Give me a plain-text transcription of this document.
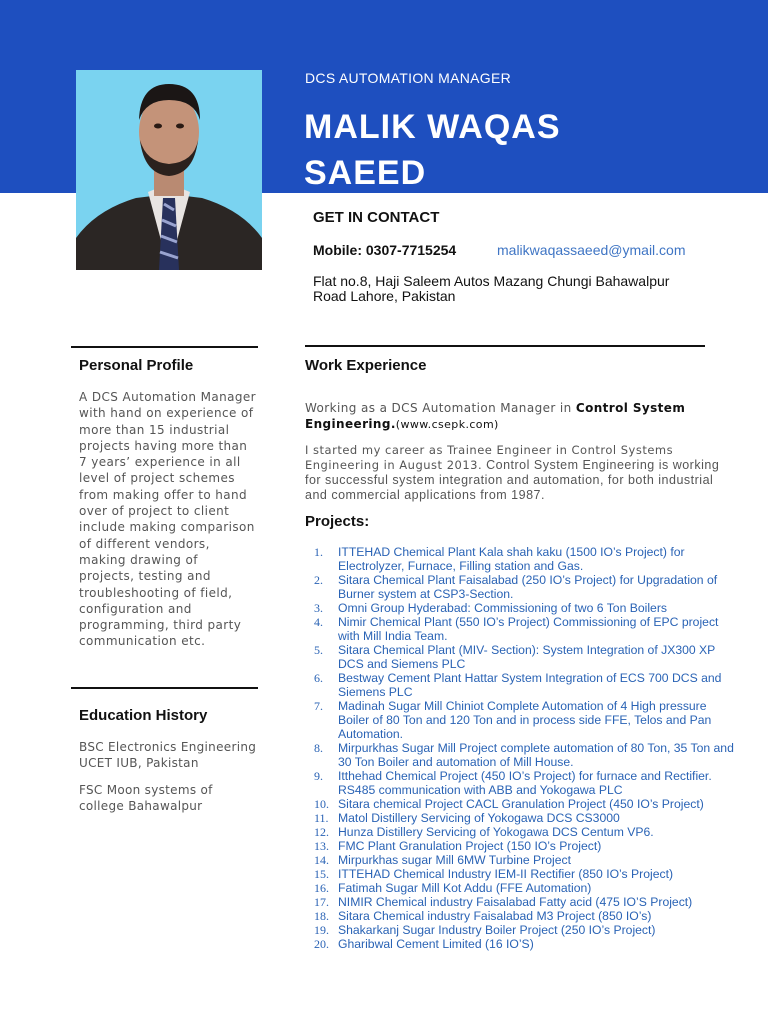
DCS AUTOMATION MANAGER
MALIK WAQAS
SAEED
GET IN CONTACT
Mobile: 0307-7715254	malikwaqassaeed@ymail.com
Flat no.8, Haji Saleem Autos Mazang Chungi Bahawalpur Road Lahore, Pakistan
Personal Profile
A DCS Automation Manager with hand on experience of more than 15 industrial projects having more than 7 years’ experience in all level of project schemes from making offer to hand over of project to client include making comparison of different vendors, making drawing of projects, testing and troubleshooting of field, configuration and programming, third party communication etc.
Education History
BSC Electronics Engineering
UCET IUB, Pakistan
FSC Moon systems of
college Bahawalpur
Work Experience
Working as a DCS Automation Manager in Control System Engineering.(www.csepk.com)
I started my career as Trainee Engineer in Control Systems Engineering in August 2013. Control System Engineering is working for successful system integration and automation, for both industrial and commercial applications from 1987.
Projects:
1. ITTEHAD Chemical Plant Kala shah kaku (1500 IO’s Project) for Electrolyzer, Furnace, Filling station and Gas.
2. Sitara Chemical Plant Faisalabad (250 IO’s Project) for Upgradation of Burner system at CSP3-Section.
3. Omni Group Hyderabad: Commissioning of two 6 Ton Boilers
4. Nimir Chemical Plant (550 IO’s Project) Commissioning of EPC project with Mill India Team.
5. Sitara Chemical Plant (MIV- Section): System Integration of JX300 XP DCS and Siemens PLC
6. Bestway Cement Plant Hattar System Integration of ECS 700 DCS and Siemens PLC
7. Madinah Sugar Mill Chiniot Complete Automation of 4 High pressure Boiler of 80 Ton and 120 Ton and in process side FFE, Telos and Pan Automation.
8. Mirpurkhas Sugar Mill Project complete automation of 80 Ton, 35 Ton and 30 Ton Boiler and automation of Mill House.
9. Itthehad Chemical Project (450 IO’s Project) for furnace and Rectifier. RS485 communication with ABB and Yokogawa PLC
10. Sitara chemical Project CACL Granulation Project (450 IO’s Project)
11. Matol Distillery Servicing of Yokogawa DCS CS3000
12. Hunza Distillery Servicing of Yokogawa DCS Centum VP6.
13. FMC Plant Granulation Project (150 IO’s Project)
14. Mirpurkhas sugar Mill 6MW Turbine Project
15. ITTEHAD Chemical Industry IEM-II Rectifier (850 IO’s Project)
16. Fatimah Sugar Mill Kot Addu (FFE Automation)
17. NIMIR Chemical industry Faisalabad Fatty acid (475 IO’S Project)
18. Sitara Chemical industry Faisalabad M3 Project (850 IO’s)
19. Shakarkanj Sugar Industry Boiler Project (250 IO’s Project)
20. Gharibwal Cement Limited (16 IO’S)
